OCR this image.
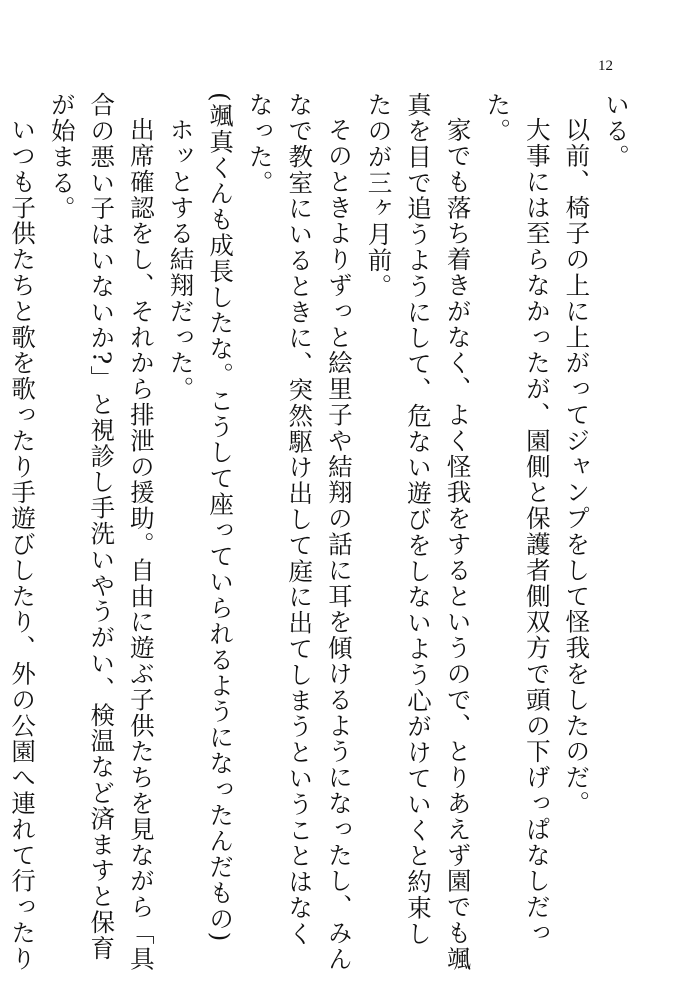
12

いる。

以前、椅子の上に上がってジャンプをして怪我をしたのだ。

大事には至らなかったが、園側と保護者側双方で頭の下げっぱなしだった。

家でも落ち着きがなく、よく怪我をするというので、とりあえず園でも颯真を目で追うようにして、危ない遊びをしないよう心がけていくと約束したのが三ヶ月前。

そのときよりずっと絵里子や結翔の話に耳を傾けるようになったし、みんなで教室にいるときに、突然駆け出して庭に出てしまうということはなくなった。

(颯真くんも成長したな。こうして座っていられるようになったんだもの)

ホッとする結翔だった。

出席確認をし、それから排泄の援助。自由に遊ぶ子供たちを見ながら「具合の悪い子はいないか?」と視診し手洗いやうがい、検温など済ますと保育が始まる。

いつも子供たちと歌を歌ったり手遊びしたり、外の公園へ連れて行ったり
